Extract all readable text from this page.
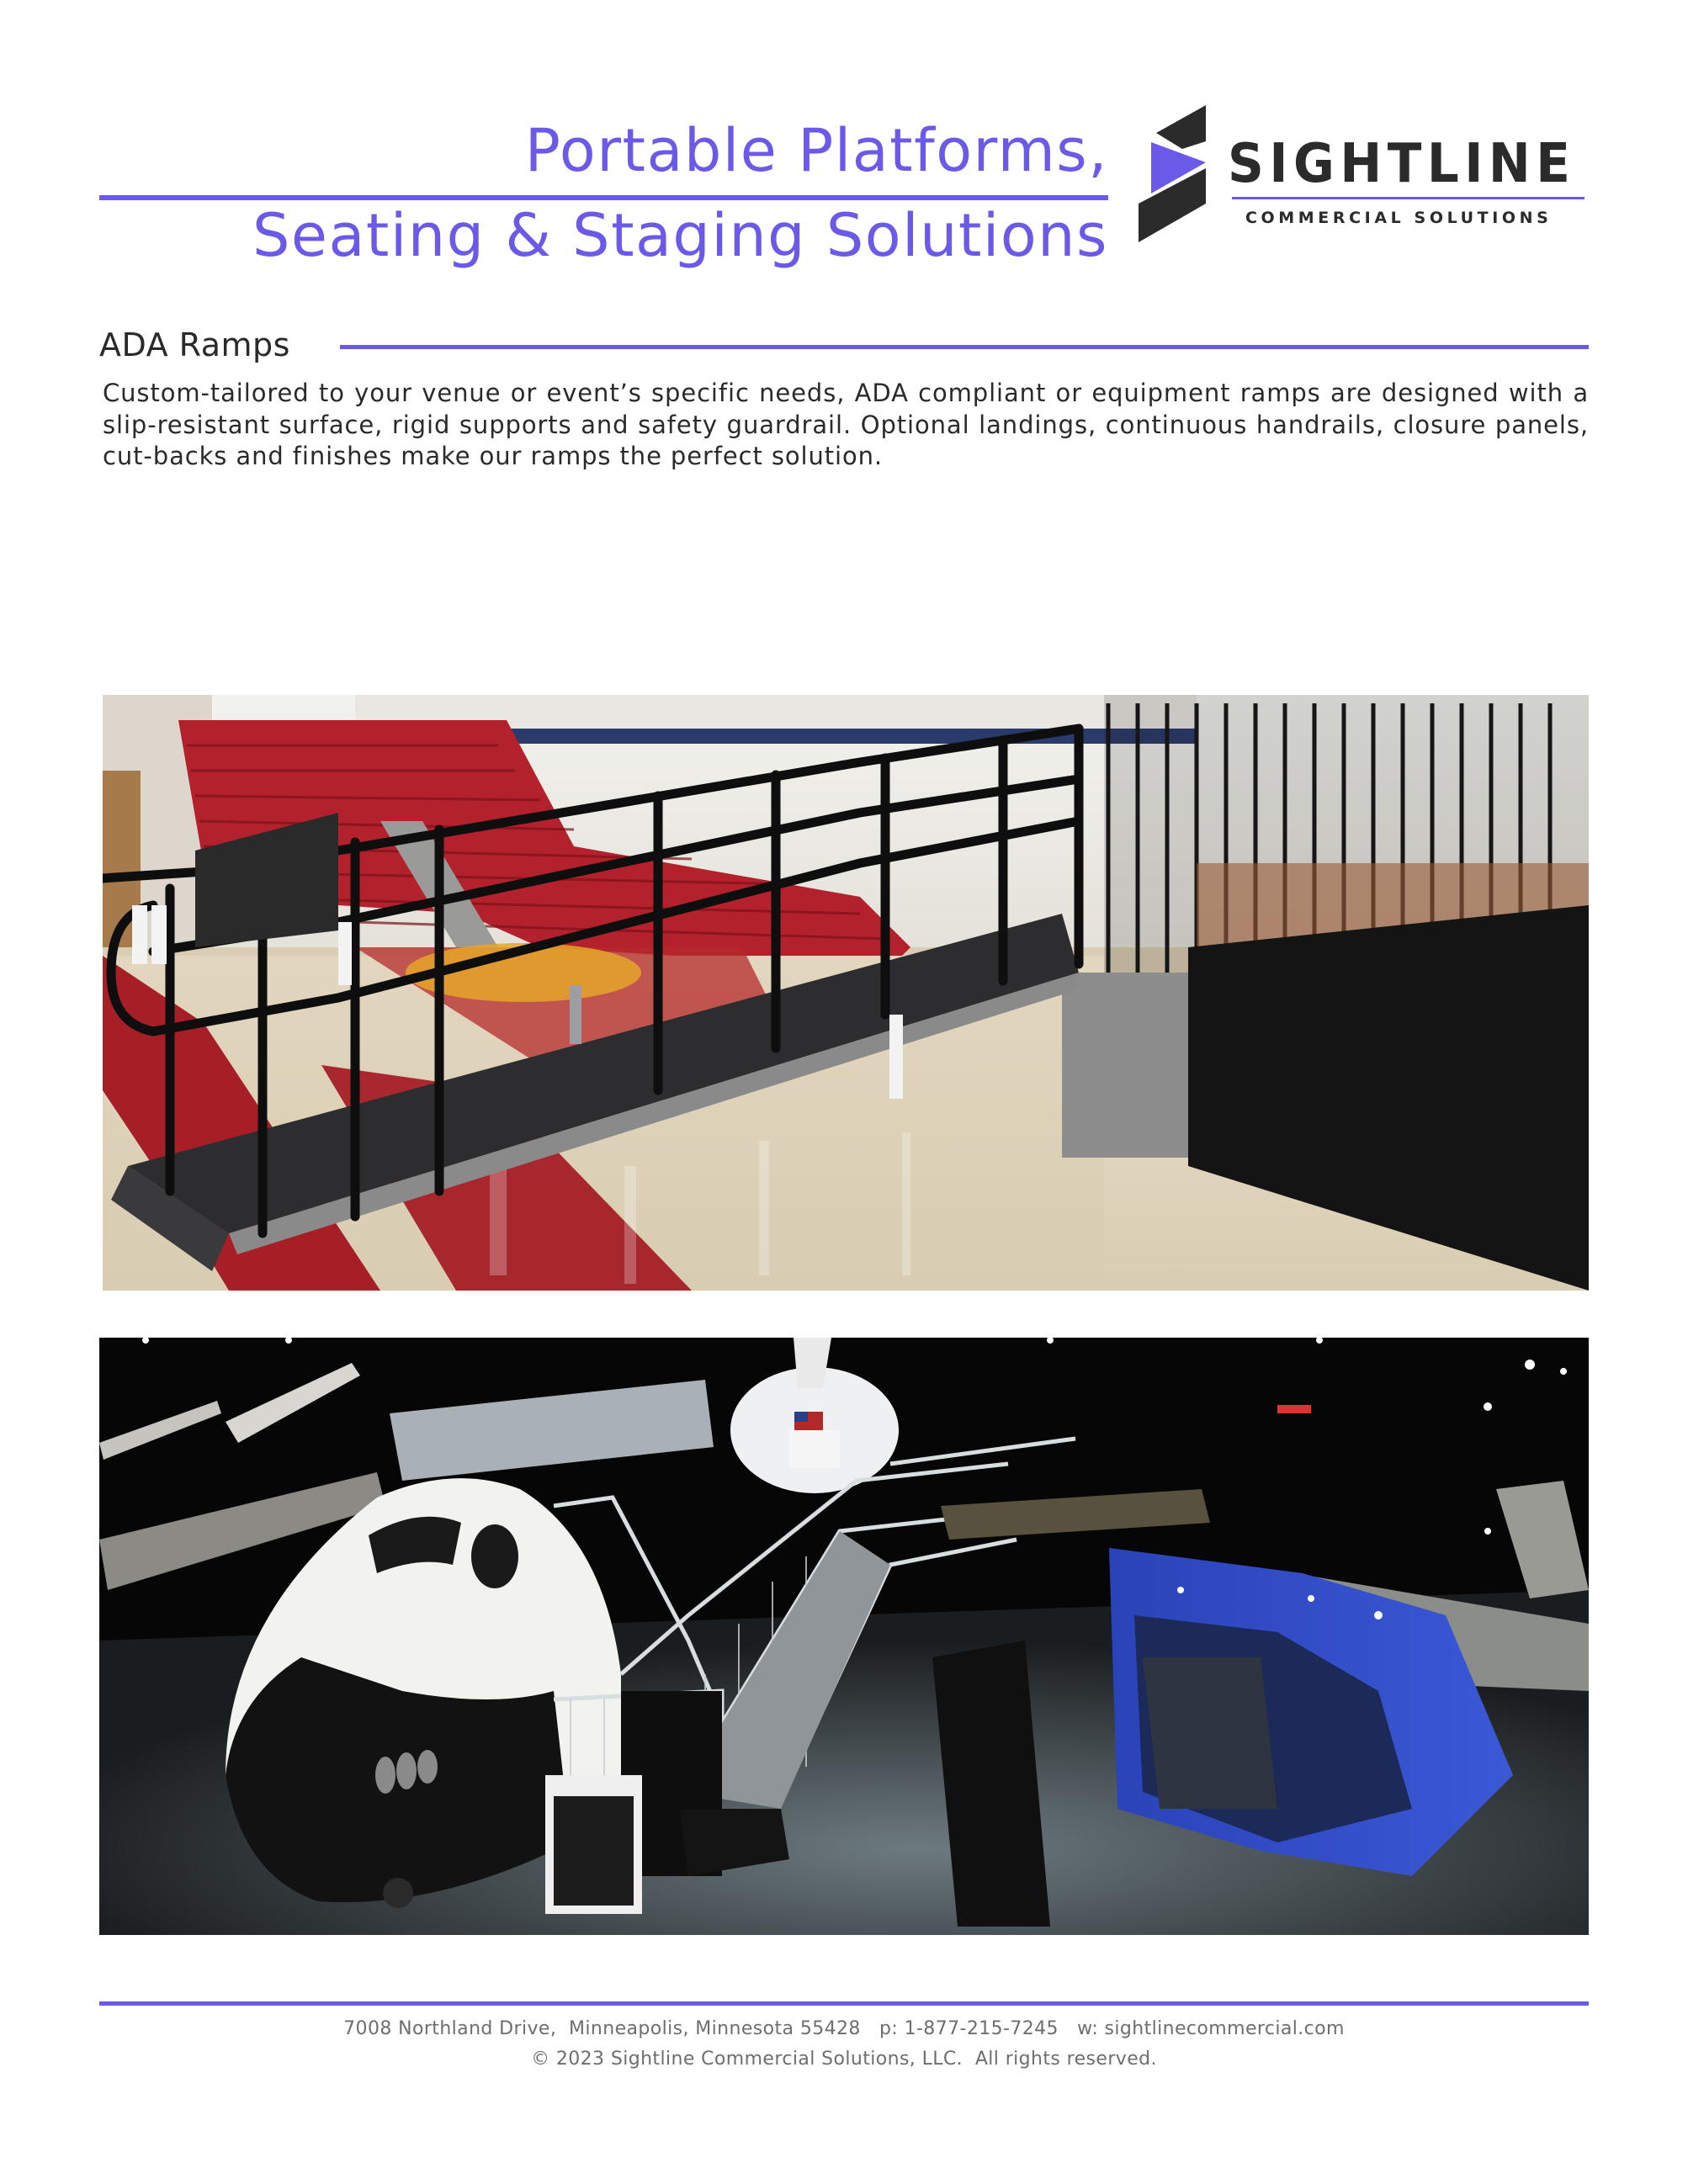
Portable Platforms,
Seating & Staging Solutions
SIGHTLINE
COMMERCIAL SOLUTIONS
ADA Ramps

Custom-tailored to your venue or event’s specific needs, ADA compliant or equipment ramps are designed with a slip-resistant surface, rigid supports and safety guardrail. Optional landings, continuous handrails, closure panels, cut-backs and finishes make our ramps the perfect solution.

7008 Northland Drive,  Minneapolis, Minnesota 55428   p: 1-877-215-7245   w: sightlinecommercial.com
© 2023 Sightline Commercial Solutions, LLC.  All rights reserved.
